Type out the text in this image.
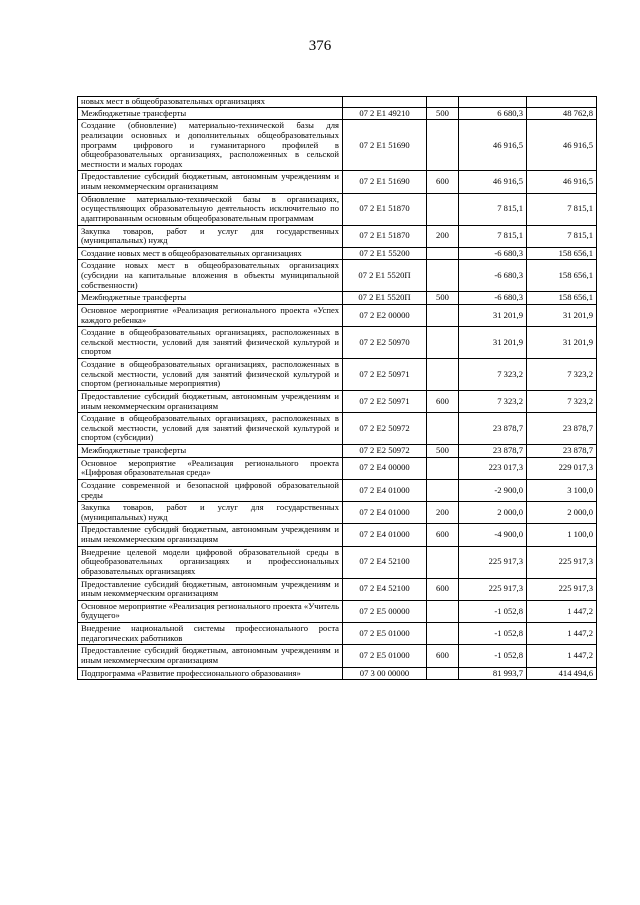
376
новых мест в общеобразовательных организациях				
Межбюджетные трансферты	07 2 E1 49210	500	6 680,3	48 762,8
Создание (обновление) материально-технической базы для реализации основных и дополнительных общеобразовательных программ цифрового и гуманитарного профилей в общеобразовательных организациях, расположенных в сельской местности и малых городах	07 2 E1 51690		46 916,5	46 916,5
Предоставление субсидий бюджетным, автономным учреждениям и иным некоммерческим организациям	07 2 E1 51690	600	46 916,5	46 916,5
Обновление материально-технической базы в организациях, осуществляющих образовательную деятельность исключительно по адаптированным основным общеобразовательным программам	07 2 E1 51870		7 815,1	7 815,1
Закупка товаров, работ и услуг для государственных (муниципальных) нужд	07 2 E1 51870	200	7 815,1	7 815,1
Создание новых мест в общеобразовательных организациях	07 2 E1 55200		-6 680,3	158 656,1
Создание новых мест в общеобразовательных организациях (субсидии на капитальные вложения в объекты муниципальной собственности)	07 2 E1 5520П		-6 680,3	158 656,1
Межбюджетные трансферты	07 2 E1 5520П	500	-6 680,3	158 656,1
Основное мероприятие «Реализация регионального проекта «Успех каждого ребенка»	07 2 E2 00000		31 201,9	31 201,9
Создание в общеобразовательных организациях, расположенных в сельской местности, условий для занятий физической культурой и спортом	07 2 E2 50970		31 201,9	31 201,9
Создание в общеобразовательных организациях, расположенных в сельской местности, условий для занятий физической культурой и спортом (региональные мероприятия)	07 2 E2 50971		7 323,2	7 323,2
Предоставление субсидий бюджетным, автономным учреждениям и иным некоммерческим организациям	07 2 E2 50971	600	7 323,2	7 323,2
Создание в общеобразовательных организациях, расположенных в сельской местности, условий для занятий физической культурой и спортом (субсидии)	07 2 E2 50972		23 878,7	23 878,7
Межбюджетные трансферты	07 2 E2 50972	500	23 878,7	23 878,7
Основное мероприятие «Реализация регионального проекта «Цифровая образовательная среда»	07 2 E4 00000		223 017,3	229 017,3
Создание современной и безопасной цифровой образовательной среды	07 2 E4 01000		-2 900,0	3 100,0
Закупка товаров, работ и услуг для государственных (муниципальных) нужд	07 2 E4 01000	200	2 000,0	2 000,0
Предоставление субсидий бюджетным, автономным учреждениям и иным некоммерческим организациям	07 2 E4 01000	600	-4 900,0	1 100,0
Внедрение целевой модели цифровой образовательной среды в общеобразовательных организациях и профессиональных образовательных организациях	07 2 E4 52100		225 917,3	225 917,3
Предоставление субсидий бюджетным, автономным учреждениям и иным некоммерческим организациям	07 2 E4 52100	600	225 917,3	225 917,3
Основное мероприятие «Реализация регионального проекта «Учитель будущего»	07 2 E5 00000		-1 052,8	1 447,2
Внедрение национальной системы профессионального роста педагогических работников	07 2 E5 01000		-1 052,8	1 447,2
Предоставление субсидий бюджетным, автономным учреждениям и иным некоммерческим организациям	07 2 E5 01000	600	-1 052,8	1 447,2
Подпрограмма «Развитие профессионального образования»	07 3 00 00000		81 993,7	414 494,6
